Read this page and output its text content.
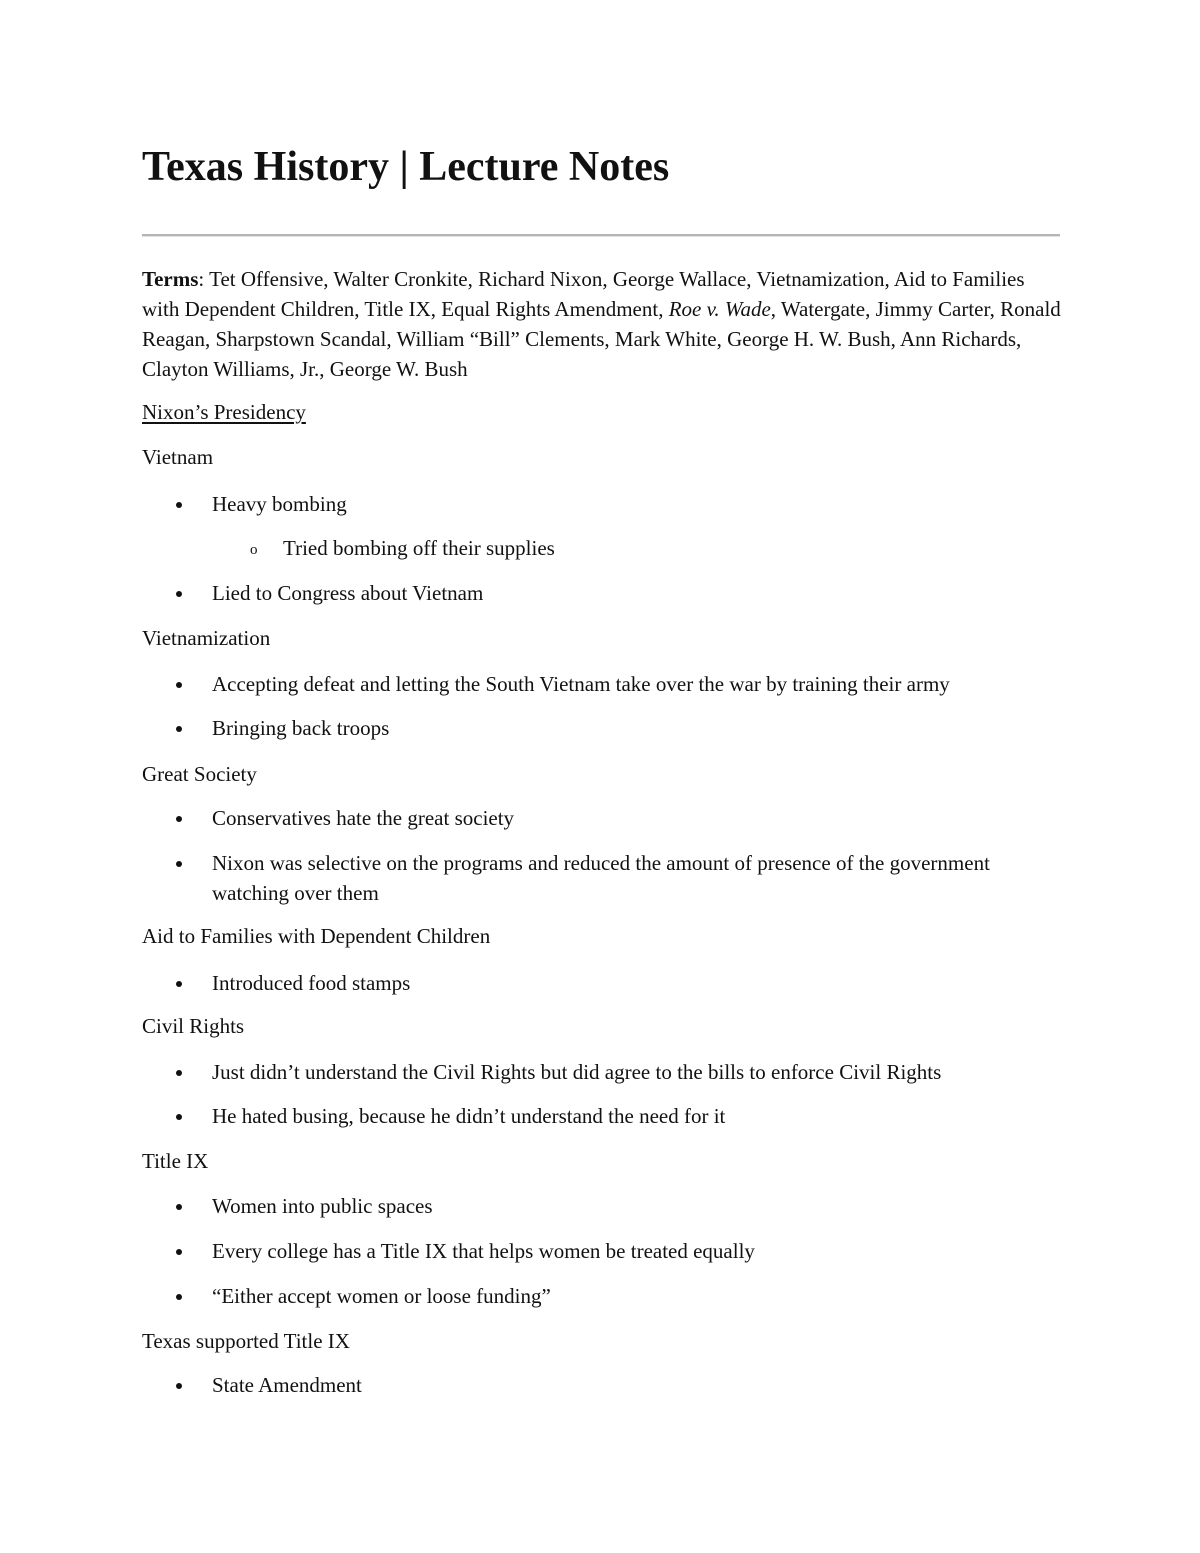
Texas History | Lecture Notes
Terms: Tet Offensive, Walter Cronkite, Richard Nixon, George Wallace, Vietnamization, Aid to Families with Dependent Children, Title IX, Equal Rights Amendment, Roe v. Wade, Watergate, Jimmy Carter, Ronald Reagan, Sharpstown Scandal, William “Bill” Clements, Mark White, George H. W. Bush, Ann Richards, Clayton Williams, Jr., George W. Bush
Nixon’s Presidency
Vietnam
Heavy bombing
o Tried bombing off their supplies
Lied to Congress about Vietnam
Vietnamization
Accepting defeat and letting the South Vietnam take over the war by training their army
Bringing back troops
Great Society
Conservatives hate the great society
Nixon was selective on the programs and reduced the amount of presence of the government watching over them
Aid to Families with Dependent Children
Introduced food stamps
Civil Rights
Just didn’t understand the Civil Rights but did agree to the bills to enforce Civil Rights
He hated busing, because he didn’t understand the need for it
Title IX
Women into public spaces
Every college has a Title IX that helps women be treated equally
“Either accept women or loose funding”
Texas supported Title IX
State Amendment
